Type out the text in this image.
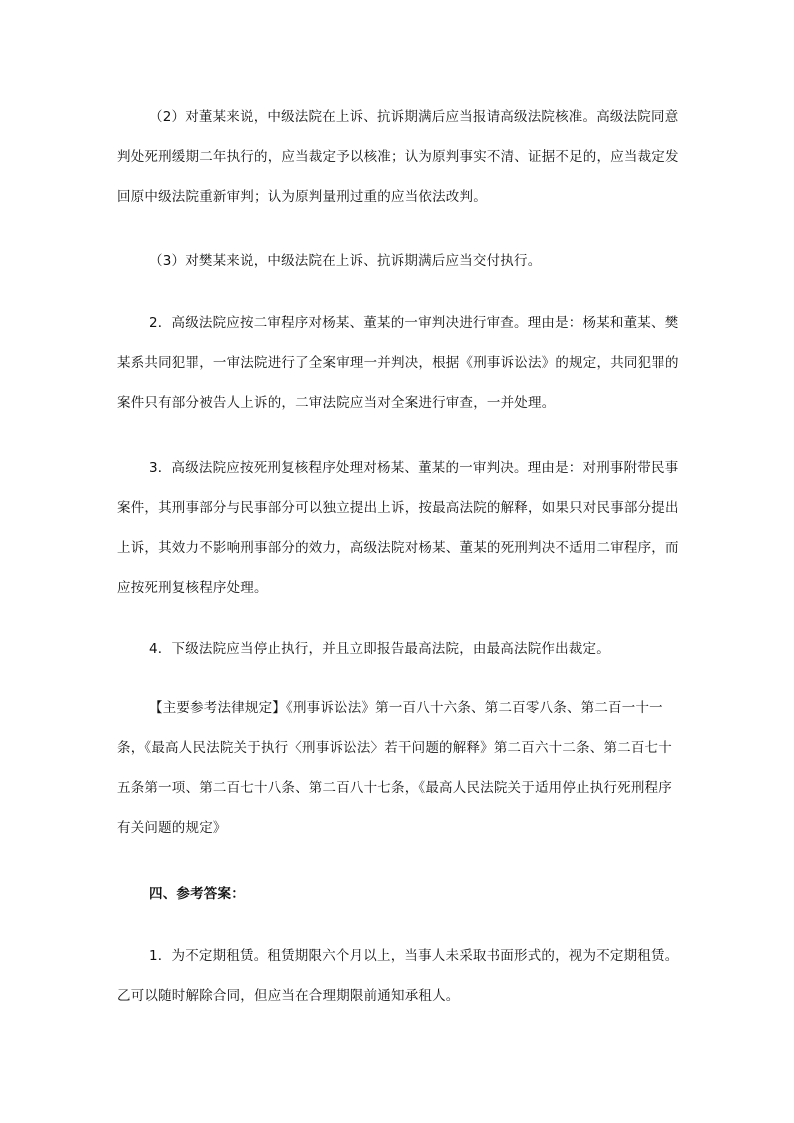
（2）对董某来说，中级法院在上诉、抗诉期满后应当报请高级法院核准。高级法院同意判处死刑缓期二年执行的，应当裁定予以核准；认为原判事实不清、证据不足的，应当裁定发回原中级法院重新审判；认为原判量刑过重的应当依法改判。

（3）对樊某来说，中级法院在上诉、抗诉期满后应当交付执行。

2．高级法院应按二审程序对杨某、董某的一审判决进行审查。理由是：杨某和董某、樊某系共同犯罪，一审法院进行了全案审理一并判决，根据《刑事诉讼法》的规定，共同犯罪的案件只有部分被告人上诉的，二审法院应当对全案进行审查，一并处理。

3．高级法院应按死刑复核程序处理对杨某、董某的一审判决。理由是：对刑事附带民事案件，其刑事部分与民事部分可以独立提出上诉，按最高法院的解释，如果只对民事部分提出上诉，其效力不影响刑事部分的效力，高级法院对杨某、董某的死刑判决不适用二审程序，而应按死刑复核程序处理。

4．下级法院应当停止执行，并且立即报告最高法院，由最高法院作出裁定。

【主要参考法律规定】《刑事诉讼法》第一百八十六条、第二百零八条、第二百一十一条，《最高人民法院关于执行〈刑事诉讼法〉若干问题的解释》第二百六十二条、第二百七十五条第一项、第二百七十八条、第二百八十七条，《最高人民法院关于适用停止执行死刑程序有关问题的规定》

四、参考答案：

1．为不定期租赁。租赁期限六个月以上，当事人未采取书面形式的，视为不定期租赁。乙可以随时解除合同，但应当在合理期限前通知承租人。
